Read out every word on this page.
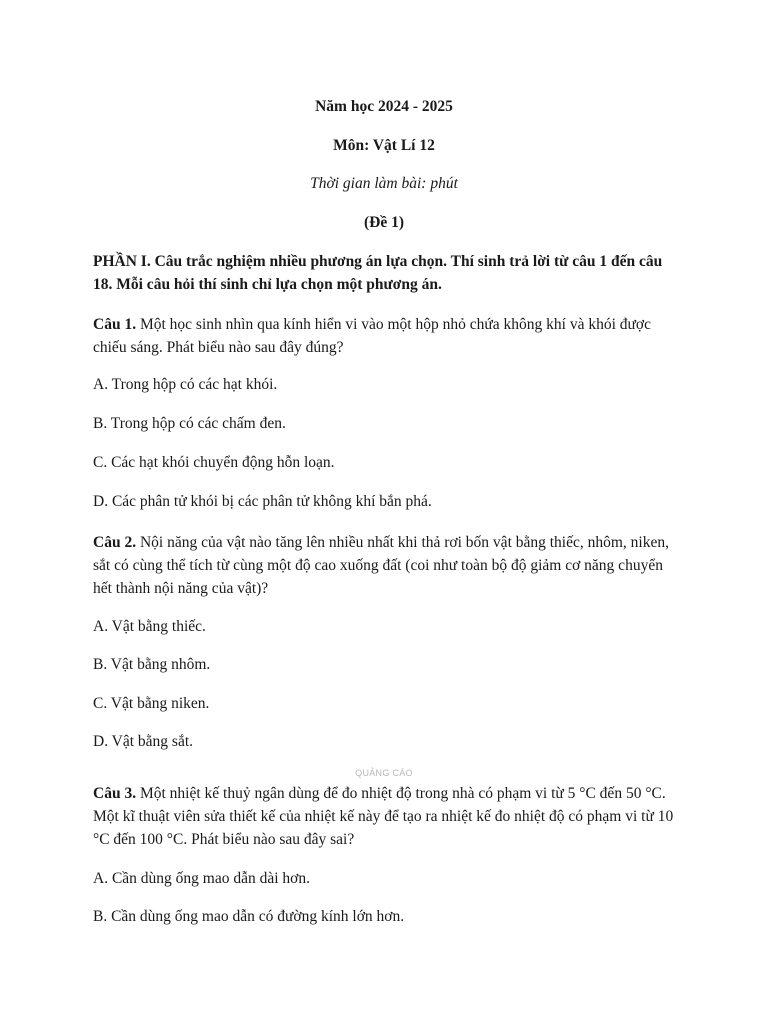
Năm học 2024 - 2025
Môn: Vật Lí 12
Thời gian làm bài: phút
(Đề 1)
PHẦN I. Câu trắc nghiệm nhiều phương án lựa chọn. Thí sinh trả lời từ câu 1 đến câu 18. Mỗi câu hỏi thí sinh chỉ lựa chọn một phương án.
Câu 1. Một học sinh nhìn qua kính hiển vi vào một hộp nhỏ chứa không khí và khói được chiếu sáng. Phát biểu nào sau đây đúng?
A. Trong hộp có các hạt khói.
B. Trong hộp có các chấm đen.
C. Các hạt khói chuyển động hỗn loạn.
D. Các phân tử khói bị các phân tử không khí bắn phá.
Câu 2. Nội năng của vật nào tăng lên nhiều nhất khi thả rơi bốn vật bằng thiếc, nhôm, niken, sắt có cùng thể tích từ cùng một độ cao xuống đất (coi như toàn bộ độ giảm cơ năng chuyển hết thành nội năng của vật)?
A. Vật bằng thiếc.
B. Vật bằng nhôm.
C. Vật bằng niken.
D. Vật bằng sắt.
QUẢNG CÁO
Câu 3. Một nhiệt kế thuỷ ngân dùng để đo nhiệt độ trong nhà có phạm vi từ 5 °C đến 50 °C. Một kĩ thuật viên sửa thiết kế của nhiệt kế này để tạo ra nhiệt kế đo nhiệt độ có phạm vi từ 10 °C đến 100 °C. Phát biểu nào sau đây sai?
A. Cần dùng ống mao dẫn dài hơn.
B. Cần dùng ống mao dẫn có đường kính lớn hơn.
